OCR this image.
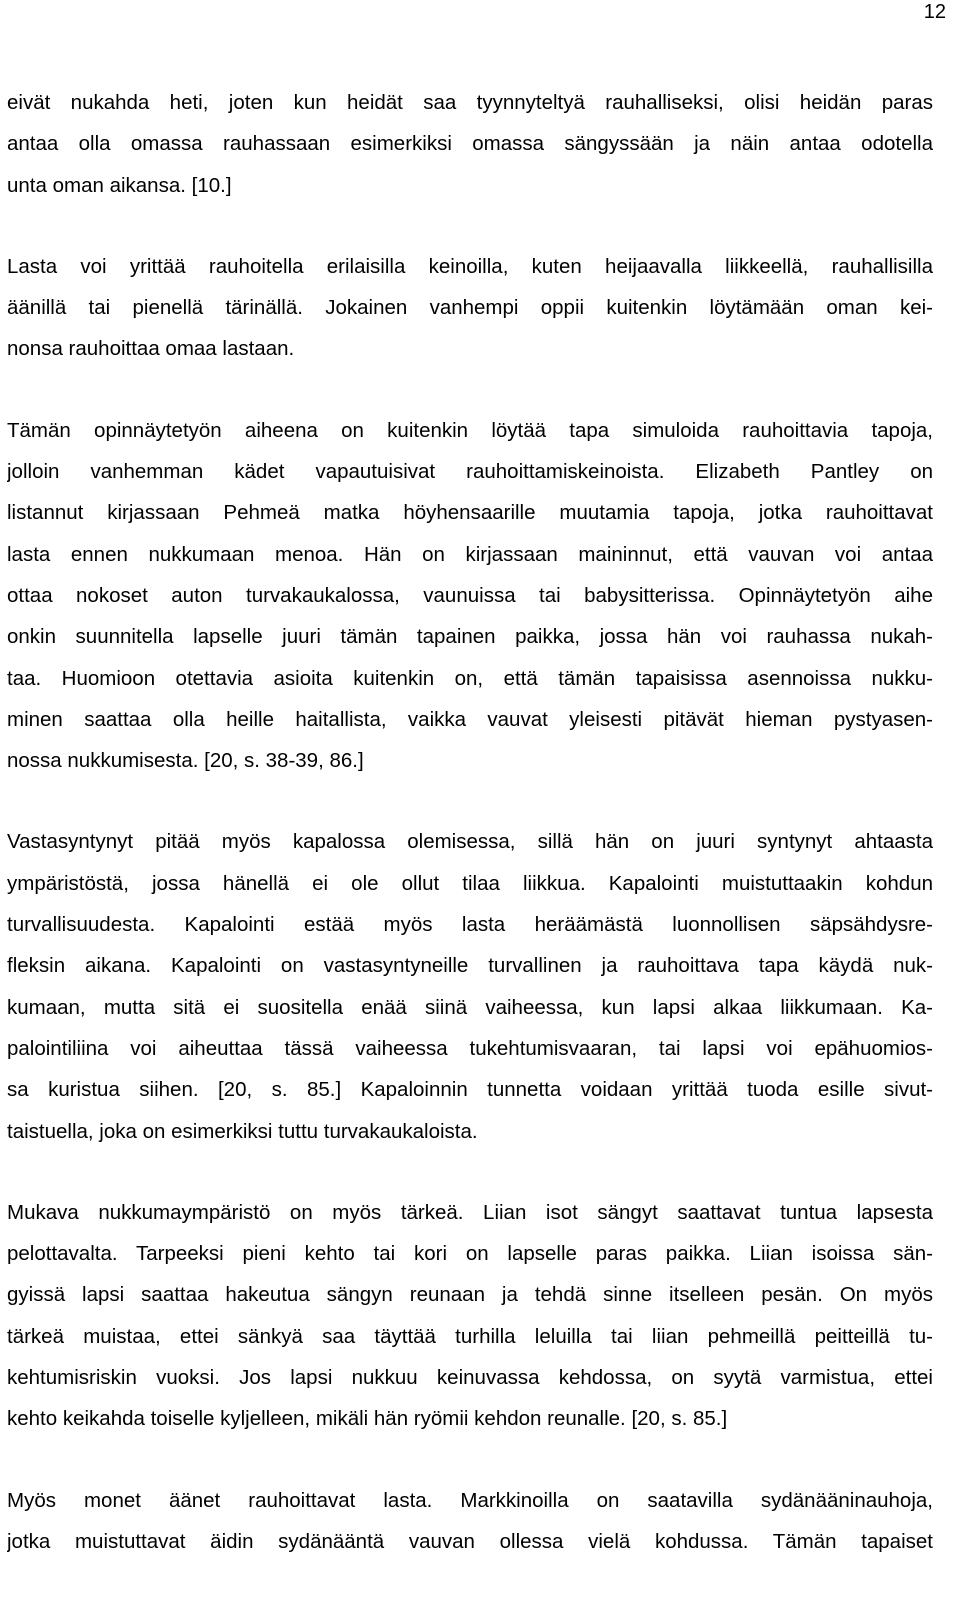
12
eivät nukahda heti, joten kun heidät saa tyynnyteltyä rauhalliseksi, olisi heidän paras
antaa olla omassa rauhassaan esimerkiksi omassa sängyssään ja näin antaa odotella
unta oman aikansa. [10.]
Lasta voi yrittää rauhoitella erilaisilla keinoilla, kuten heijaavalla liikkeellä, rauhallisilla
äänillä tai pienellä tärinällä. Jokainen vanhempi oppii kuitenkin löytämään oman kei-
nonsa rauhoittaa omaa lastaan.
Tämän opinnäytetyön aiheena on kuitenkin löytää tapa simuloida rauhoittavia tapoja,
jolloin vanhemman kädet vapautuisivat rauhoittamiskeinoista. Elizabeth Pantley on
listannut kirjassaan Pehmeä matka höyhensaarille muutamia tapoja, jotka rauhoittavat
lasta ennen nukkumaan menoa. Hän on kirjassaan maininnut, että vauvan voi antaa
ottaa nokoset auton turvakaukalossa, vaunuissa tai babysitterissa. Opinnäytetyön aihe
onkin suunnitella lapselle juuri tämän tapainen paikka, jossa hän voi rauhassa nukah-
taa. Huomioon otettavia asioita kuitenkin on, että tämän tapaisissa asennoissa nukku-
minen saattaa olla heille haitallista, vaikka vauvat yleisesti pitävät hieman pystyasen-
nossa nukkumisesta. [20, s. 38-39, 86.]
Vastasyntynyt pitää myös kapalossa olemisessa, sillä hän on juuri syntynyt ahtaasta
ympäristöstä, jossa hänellä ei ole ollut tilaa liikkua. Kapalointi muistuttaakin kohdun
turvallisuudesta. Kapalointi estää myös lasta heräämästä luonnollisen säpsähdysre-
fleksin aikana. Kapalointi on vastasyntyneille turvallinen ja rauhoittava tapa käydä nuk-
kumaan, mutta sitä ei suositella enää siinä vaiheessa, kun lapsi alkaa liikkumaan. Ka-
palointiliina voi aiheuttaa tässä vaiheessa tukehtumisvaaran, tai lapsi voi epähuomios-
sa kuristua siihen. [20, s. 85.] Kapaloinnin tunnetta voidaan yrittää tuoda esille sivut-
taistuella, joka on esimerkiksi tuttu turvakaukaloista.
Mukava nukkumaympäristö on myös tärkeä. Liian isot sängyt saattavat tuntua lapsesta
pelottavalta. Tarpeeksi pieni kehto tai kori on lapselle paras paikka. Liian isoissa sän-
gyissä lapsi saattaa hakeutua sängyn reunaan ja tehdä sinne itselleen pesän. On myös
tärkeä muistaa, ettei sänkyä saa täyttää turhilla leluilla tai liian pehmeillä peitteillä tu-
kehtumisriskin vuoksi. Jos lapsi nukkuu keinuvassa kehdossa, on syytä varmistua, ettei
kehto keikahda toiselle kyljelleen, mikäli hän ryömii kehdon reunalle. [20, s. 85.]
Myös monet äänet rauhoittavat lasta. Markkinoilla on saatavilla sydänääninauhoja,
jotka muistuttavat äidin sydänääntä vauvan ollessa vielä kohdussa. Tämän tapaiset
